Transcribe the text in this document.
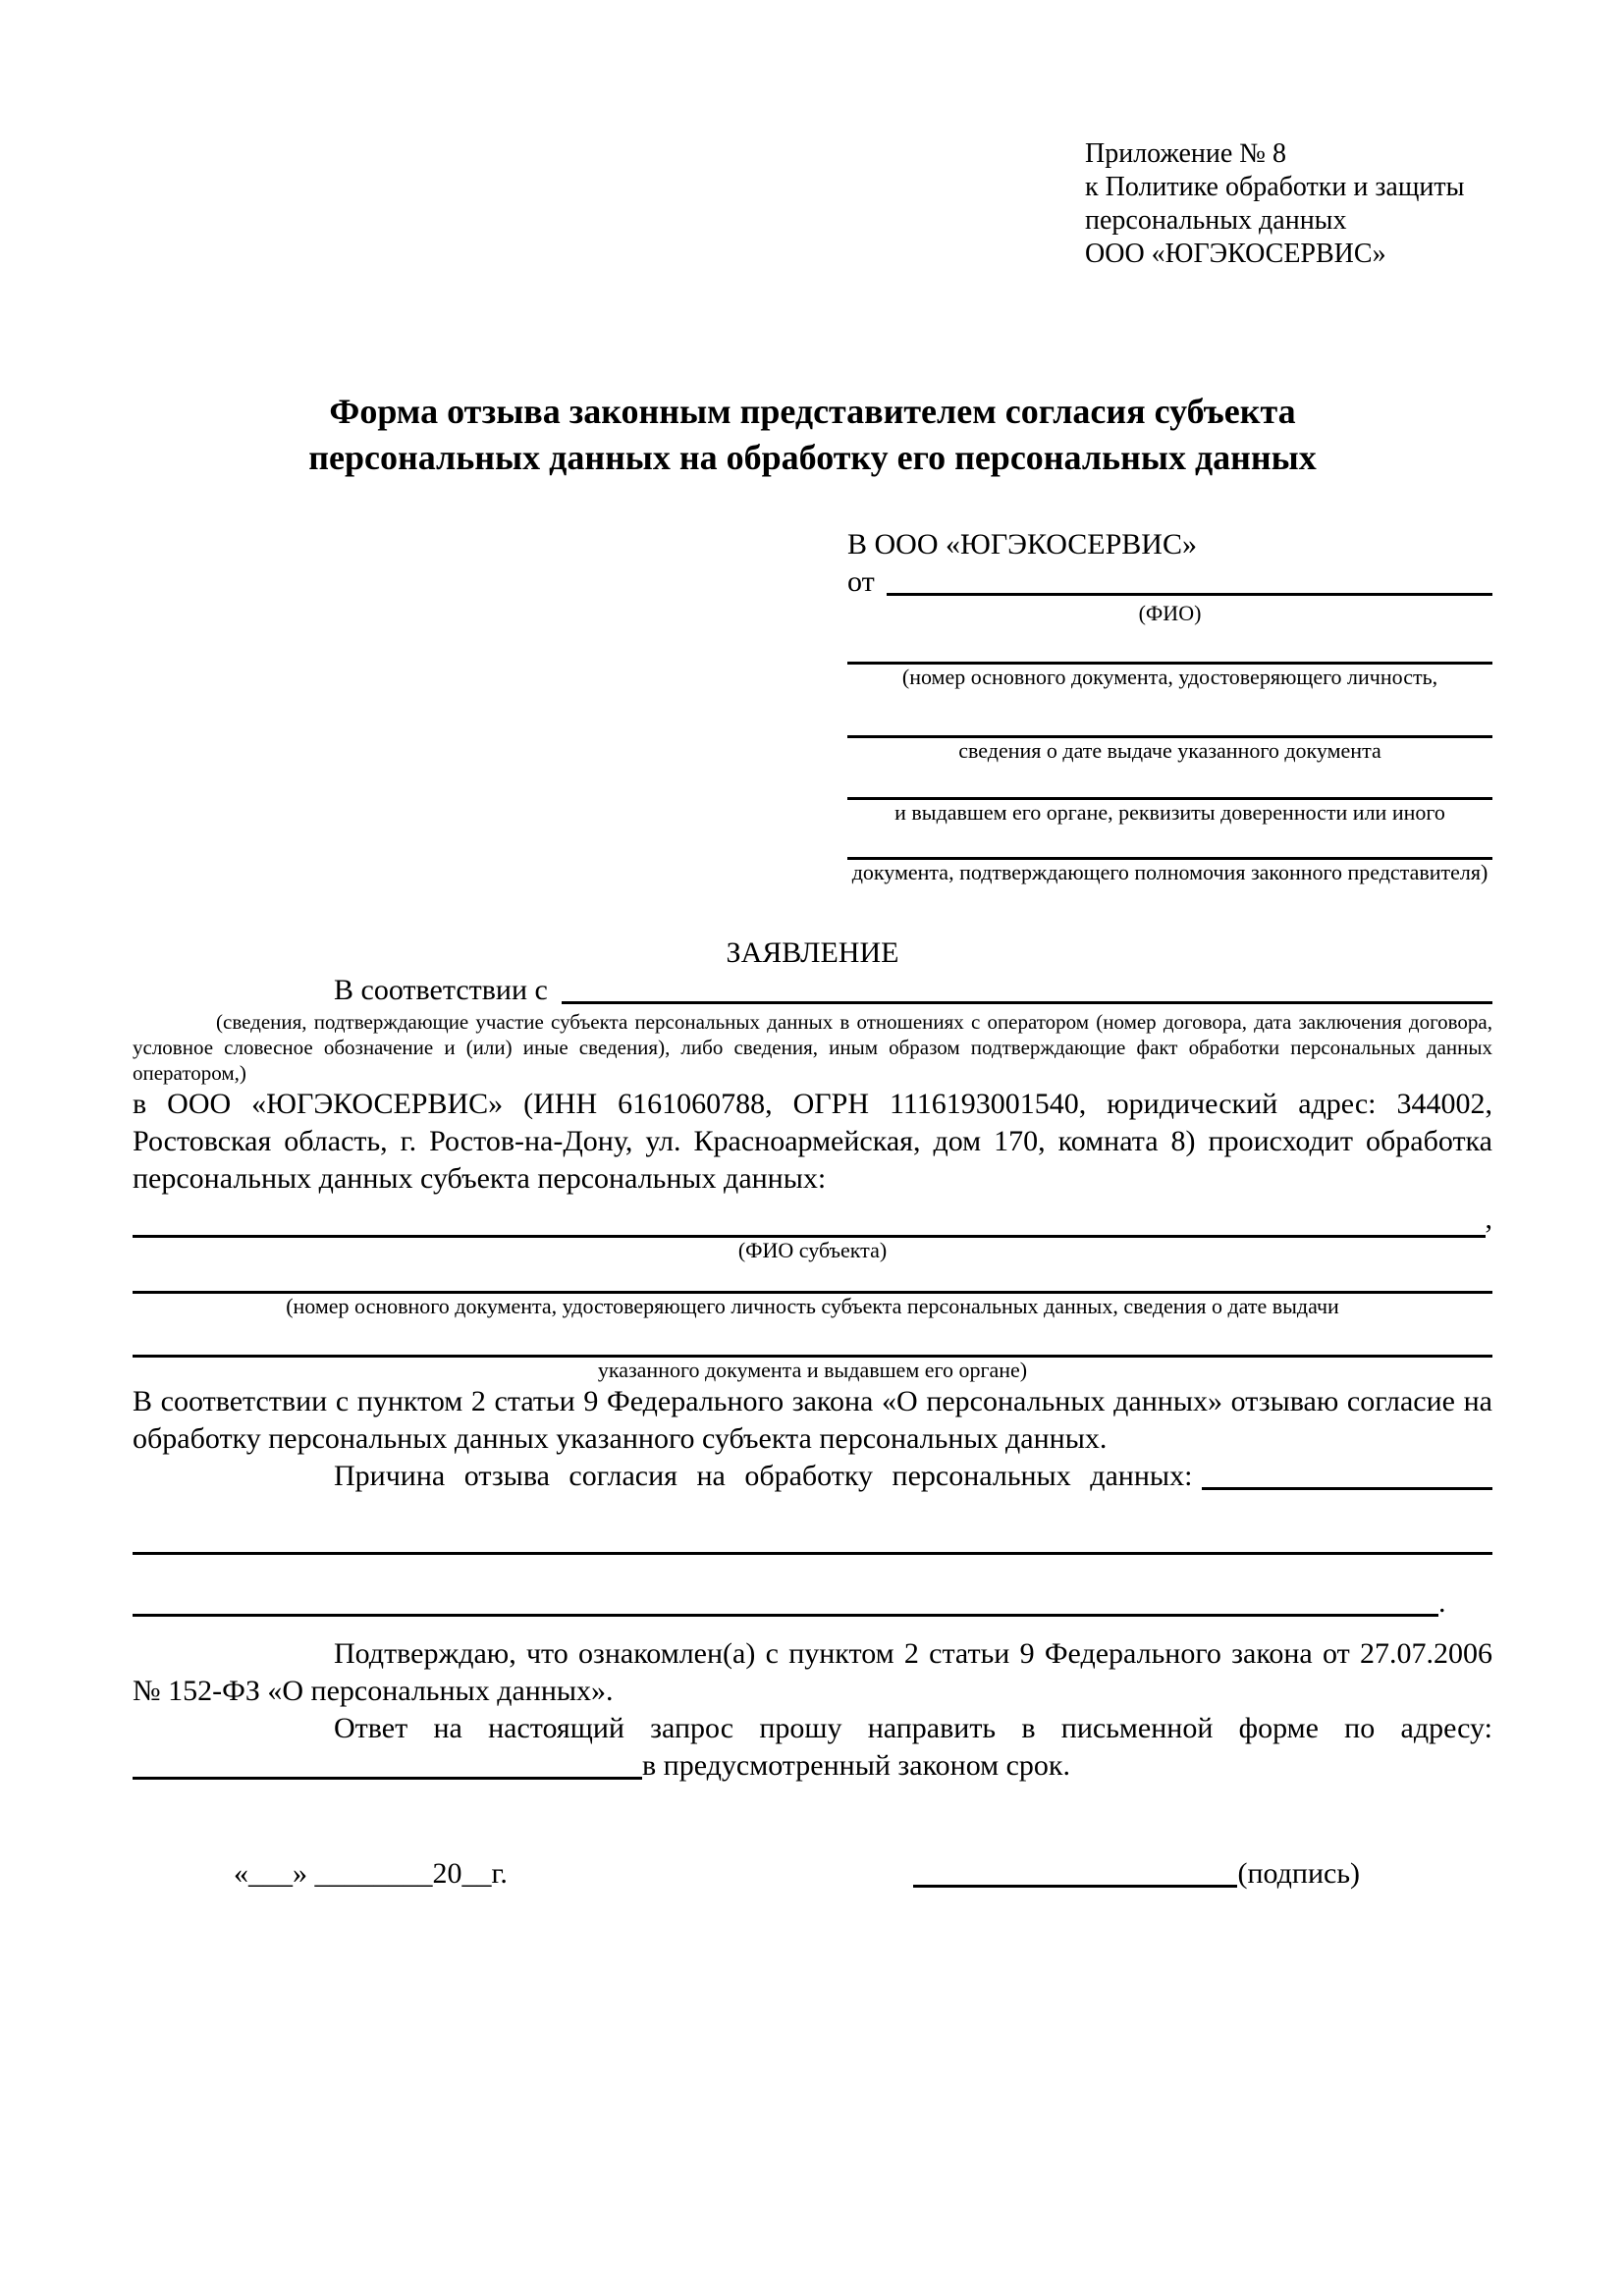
Приложение № 8
к Политике обработки и защиты
персональных данных
ООО «ЮГЭКОСЕРВИС»
Форма отзыва законным представителем согласия субъекта
персональных данных на обработку его персональных данных
В ООО «ЮГЭКОСЕРВИС»
от
(ФИО)
(номер основного документа, удостоверяющего личность,
сведения о дате выдаче указанного документа
и выдавшем его органе, реквизиты доверенности или иного
документа, подтверждающего полномочия законного представителя)
ЗАЯВЛЕНИЕ
В соответствии с

(сведения, подтверждающие участие субъекта персональных данных в отношениях с оператором (номер договора, дата заключения договора, условное словесное обозначение и (или) иные сведения), либо сведения, иным образом подтверждающие факт обработки персональных данных оператором,)

в ООО «ЮГЭКОСЕРВИС» (ИНН 6161060788, ОГРН 1116193001540, юридический адрес: 344002, Ростовская область, г. Ростов-на-Дону, ул. Красноармейская, дом 170, комната 8) происходит обработка персональных данных субъекта персональных данных:

,
(ФИО субъекта)
(номер основного документа, удостоверяющего личность субъекта персональных данных, сведения о дате выдачи
указанного документа и выдавшем его органе)

В соответствии с пунктом 2 статьи 9 Федерального закона «О персональных данных» отзываю согласие на обработку персональных данных указанного субъекта персональных данных.

Причина отзыва согласия на обработку персональных данных:
.

Подтверждаю, что ознакомлен(а) с пунктом 2 статьи 9 Федерального закона от 27.07.2006 № 152-ФЗ «О персональных данных».

Ответ на настоящий запрос прошу направить в письменной форме по адресу:

в предусмотренный законом срок.
«___» ________20__г.	(подпись)
